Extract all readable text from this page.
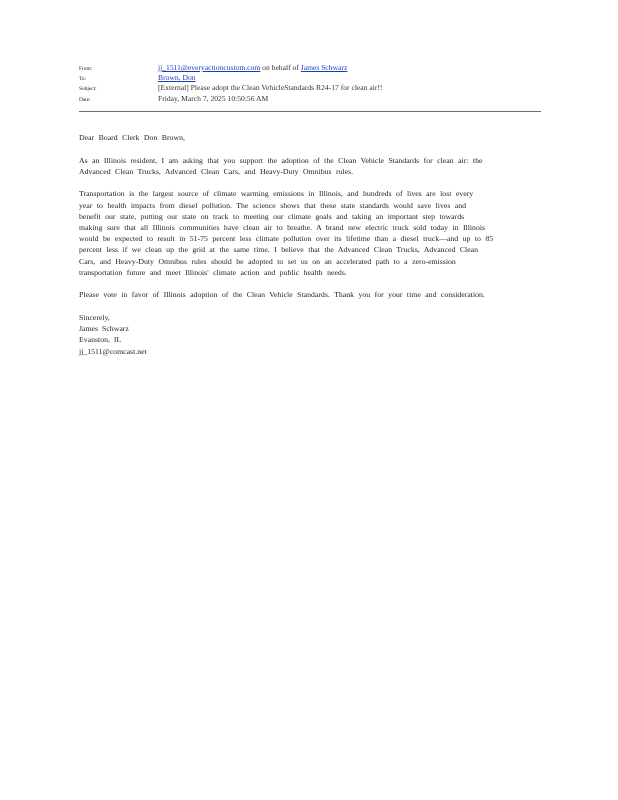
From:	jj_1511@everyactioncustom.com on behalf of James Schwarz
To:	Brown, Don
Subject:	[External] Please adopt the Clean VehicleStandards R24-17 for clean air!!
Date:	Friday, March 7, 2025 10:50:56 AM

Dear Board Clerk Don Brown,

As an Illinois resident, I am asking that you support the adoption of the Clean Vehicle Standards for clean air: the
Advanced Clean Trucks, Advanced Clean Cars, and Heavy-Duty Omnibus rules.

Transportation is the largest source of climate warming emissions in Illinois, and hundreds of lives are lost every
year to health impacts from diesel pollution. The science shows that these state standards would save lives and
benefit our state, putting our state on track to meeting our climate goals and taking an important step towards
making sure that all Illinois communities have clean air to breathe. A brand new electric truck sold today in Illinois
would be expected to result in 51-75 percent less climate pollution over its lifetime than a diesel truck—and up to 85
percent less if we clean up the grid at the same time. I believe that the Advanced Clean Trucks, Advanced Clean
Cars, and Heavy-Duty Omnibus rules should be adopted to set us on an accelerated path to a zero-emission
transportation future and meet Illinois' climate action and public health needs.

Please vote in favor of Illinois adoption of the Clean Vehicle Standards. Thank you for your time and consideration.

Sincerely,
James Schwarz
Evanston, IL
jj_1511@comcast.net
